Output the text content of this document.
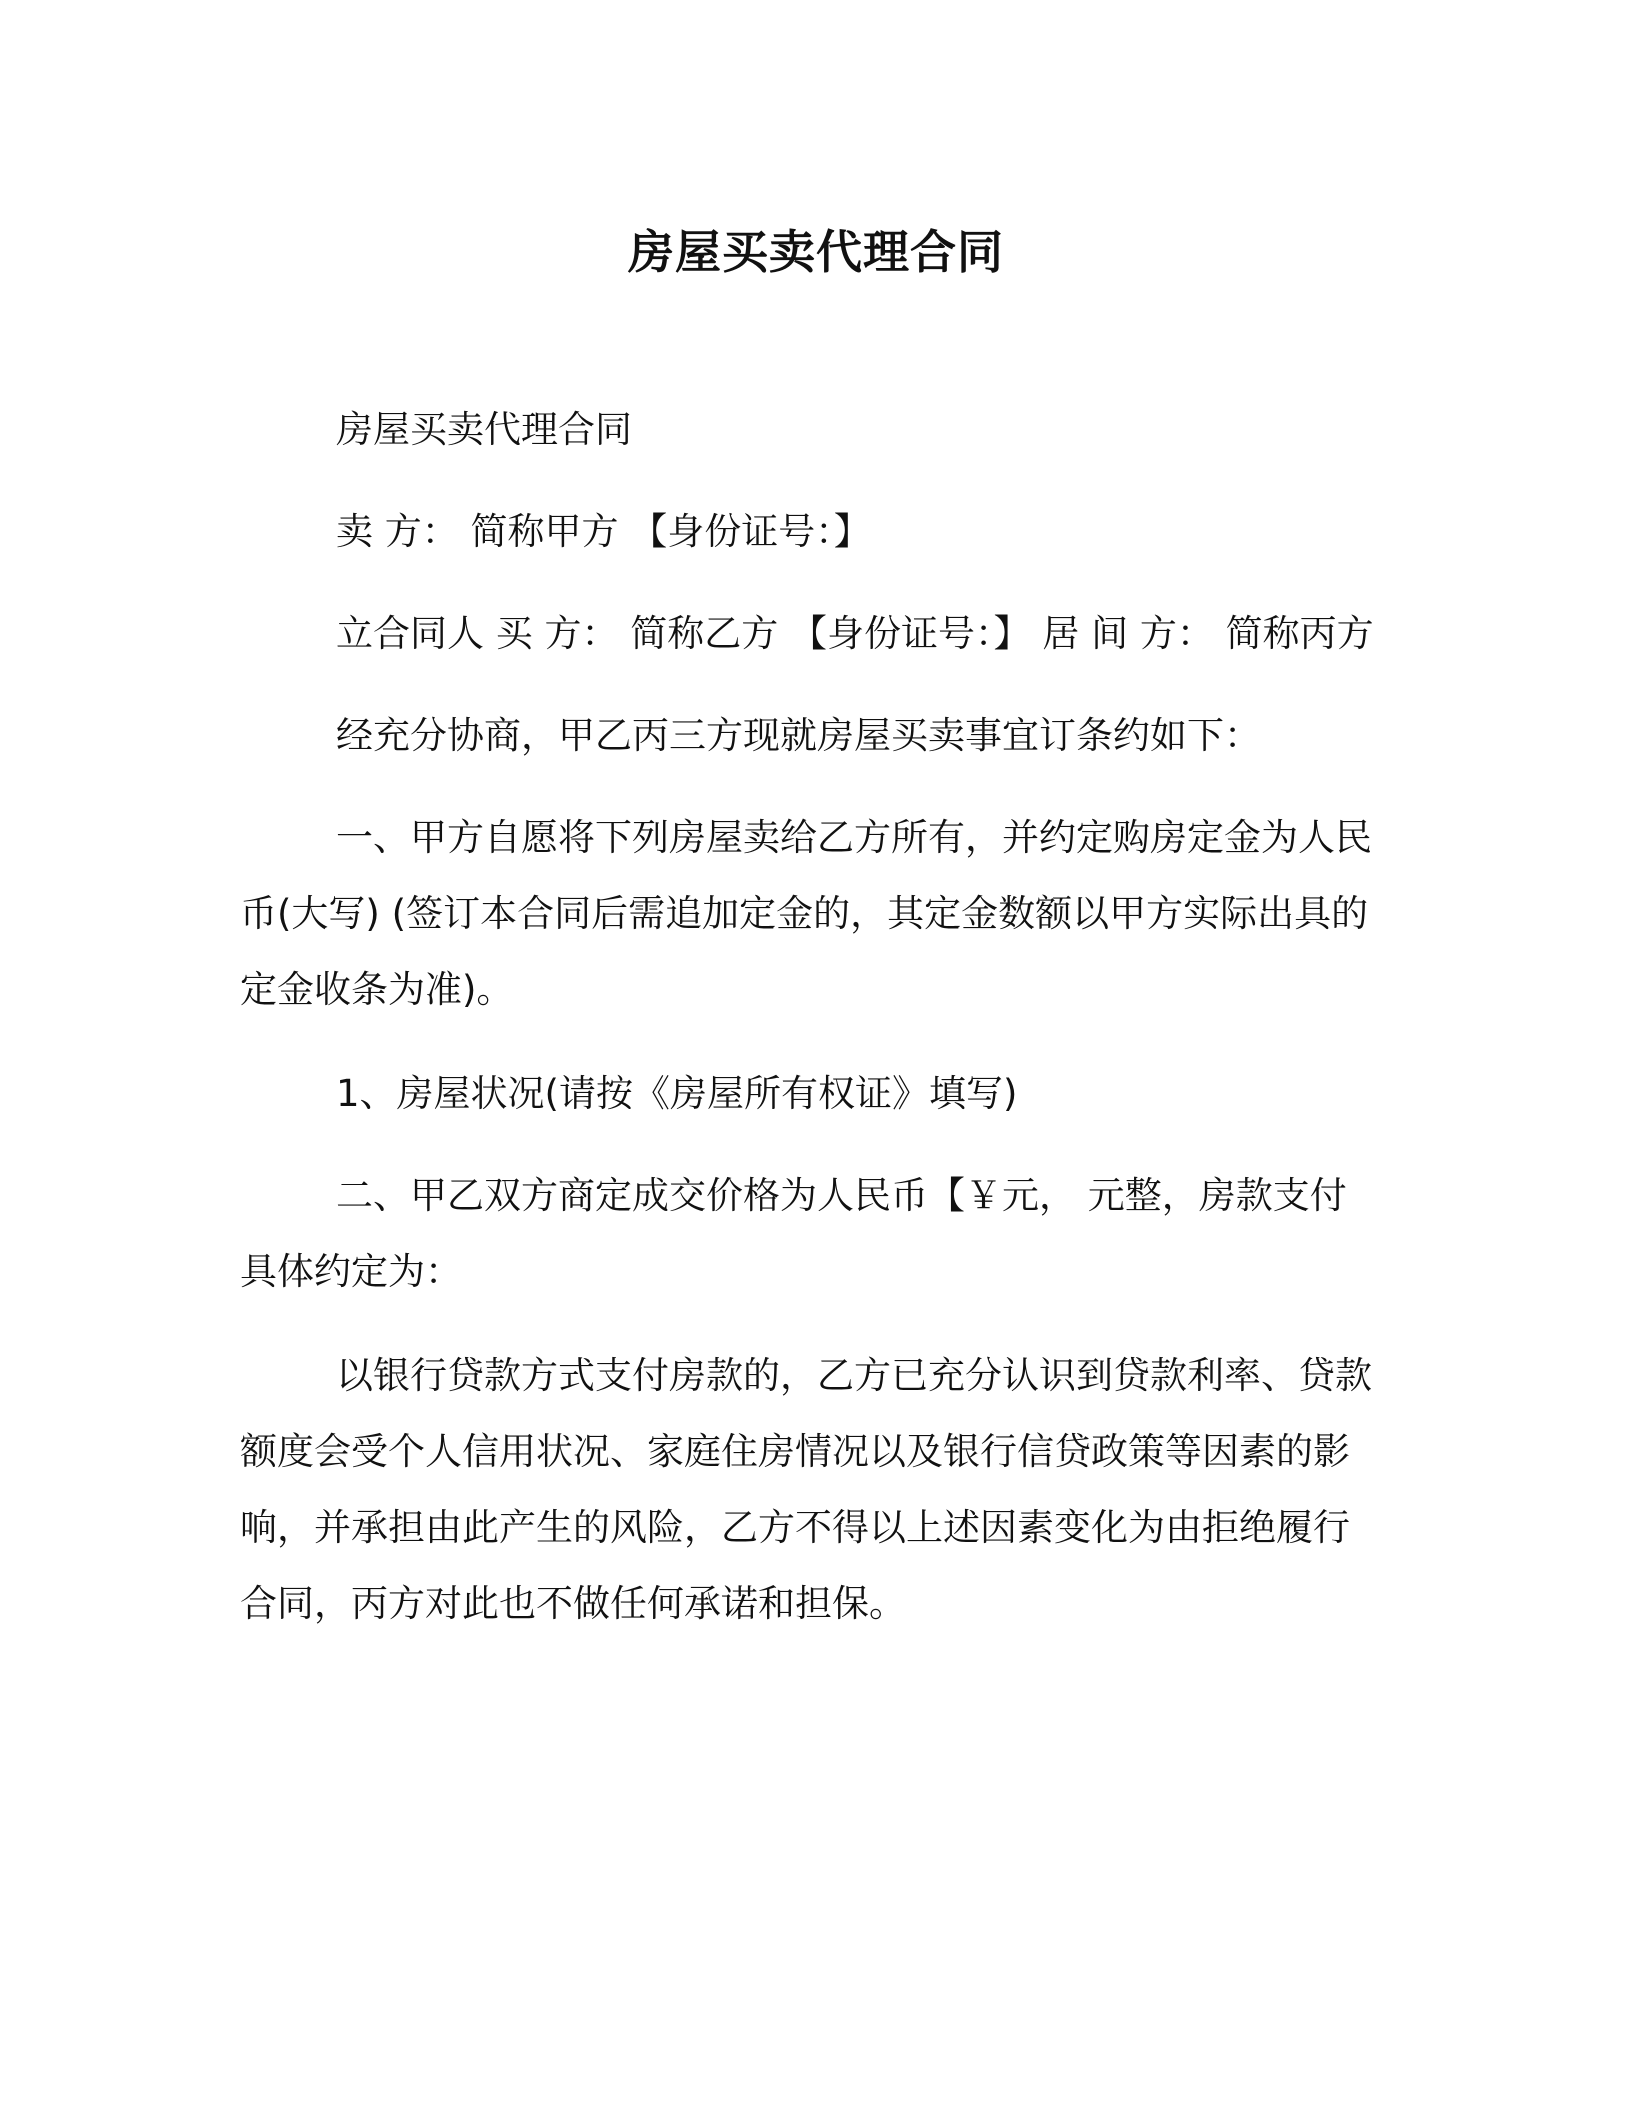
房屋买卖代理合同

房屋买卖代理合同

卖 方： 简称甲方 【身份证号：】

立合同人 买 方： 简称乙方 【身份证号：】 居 间 方： 简称丙方

经充分协商，甲乙丙三方现就房屋买卖事宜订条约如下：

一、甲方自愿将下列房屋卖给乙方所有，并约定购房定金为人民币(大写) (签订本合同后需追加定金的，其定金数额以甲方实际出具的定金收条为准)。

1、房屋状况(请按《房屋所有权证》填写)

二、甲乙双方商定成交价格为人民币【￥元， 元整，房款支付具体约定为：

以银行贷款方式支付房款的，乙方已充分认识到贷款利率、贷款额度会受个人信用状况、家庭住房情况以及银行信贷政策等因素的影响，并承担由此产生的风险，乙方不得以上述因素变化为由拒绝履行合同，丙方对此也不做任何承诺和担保。
